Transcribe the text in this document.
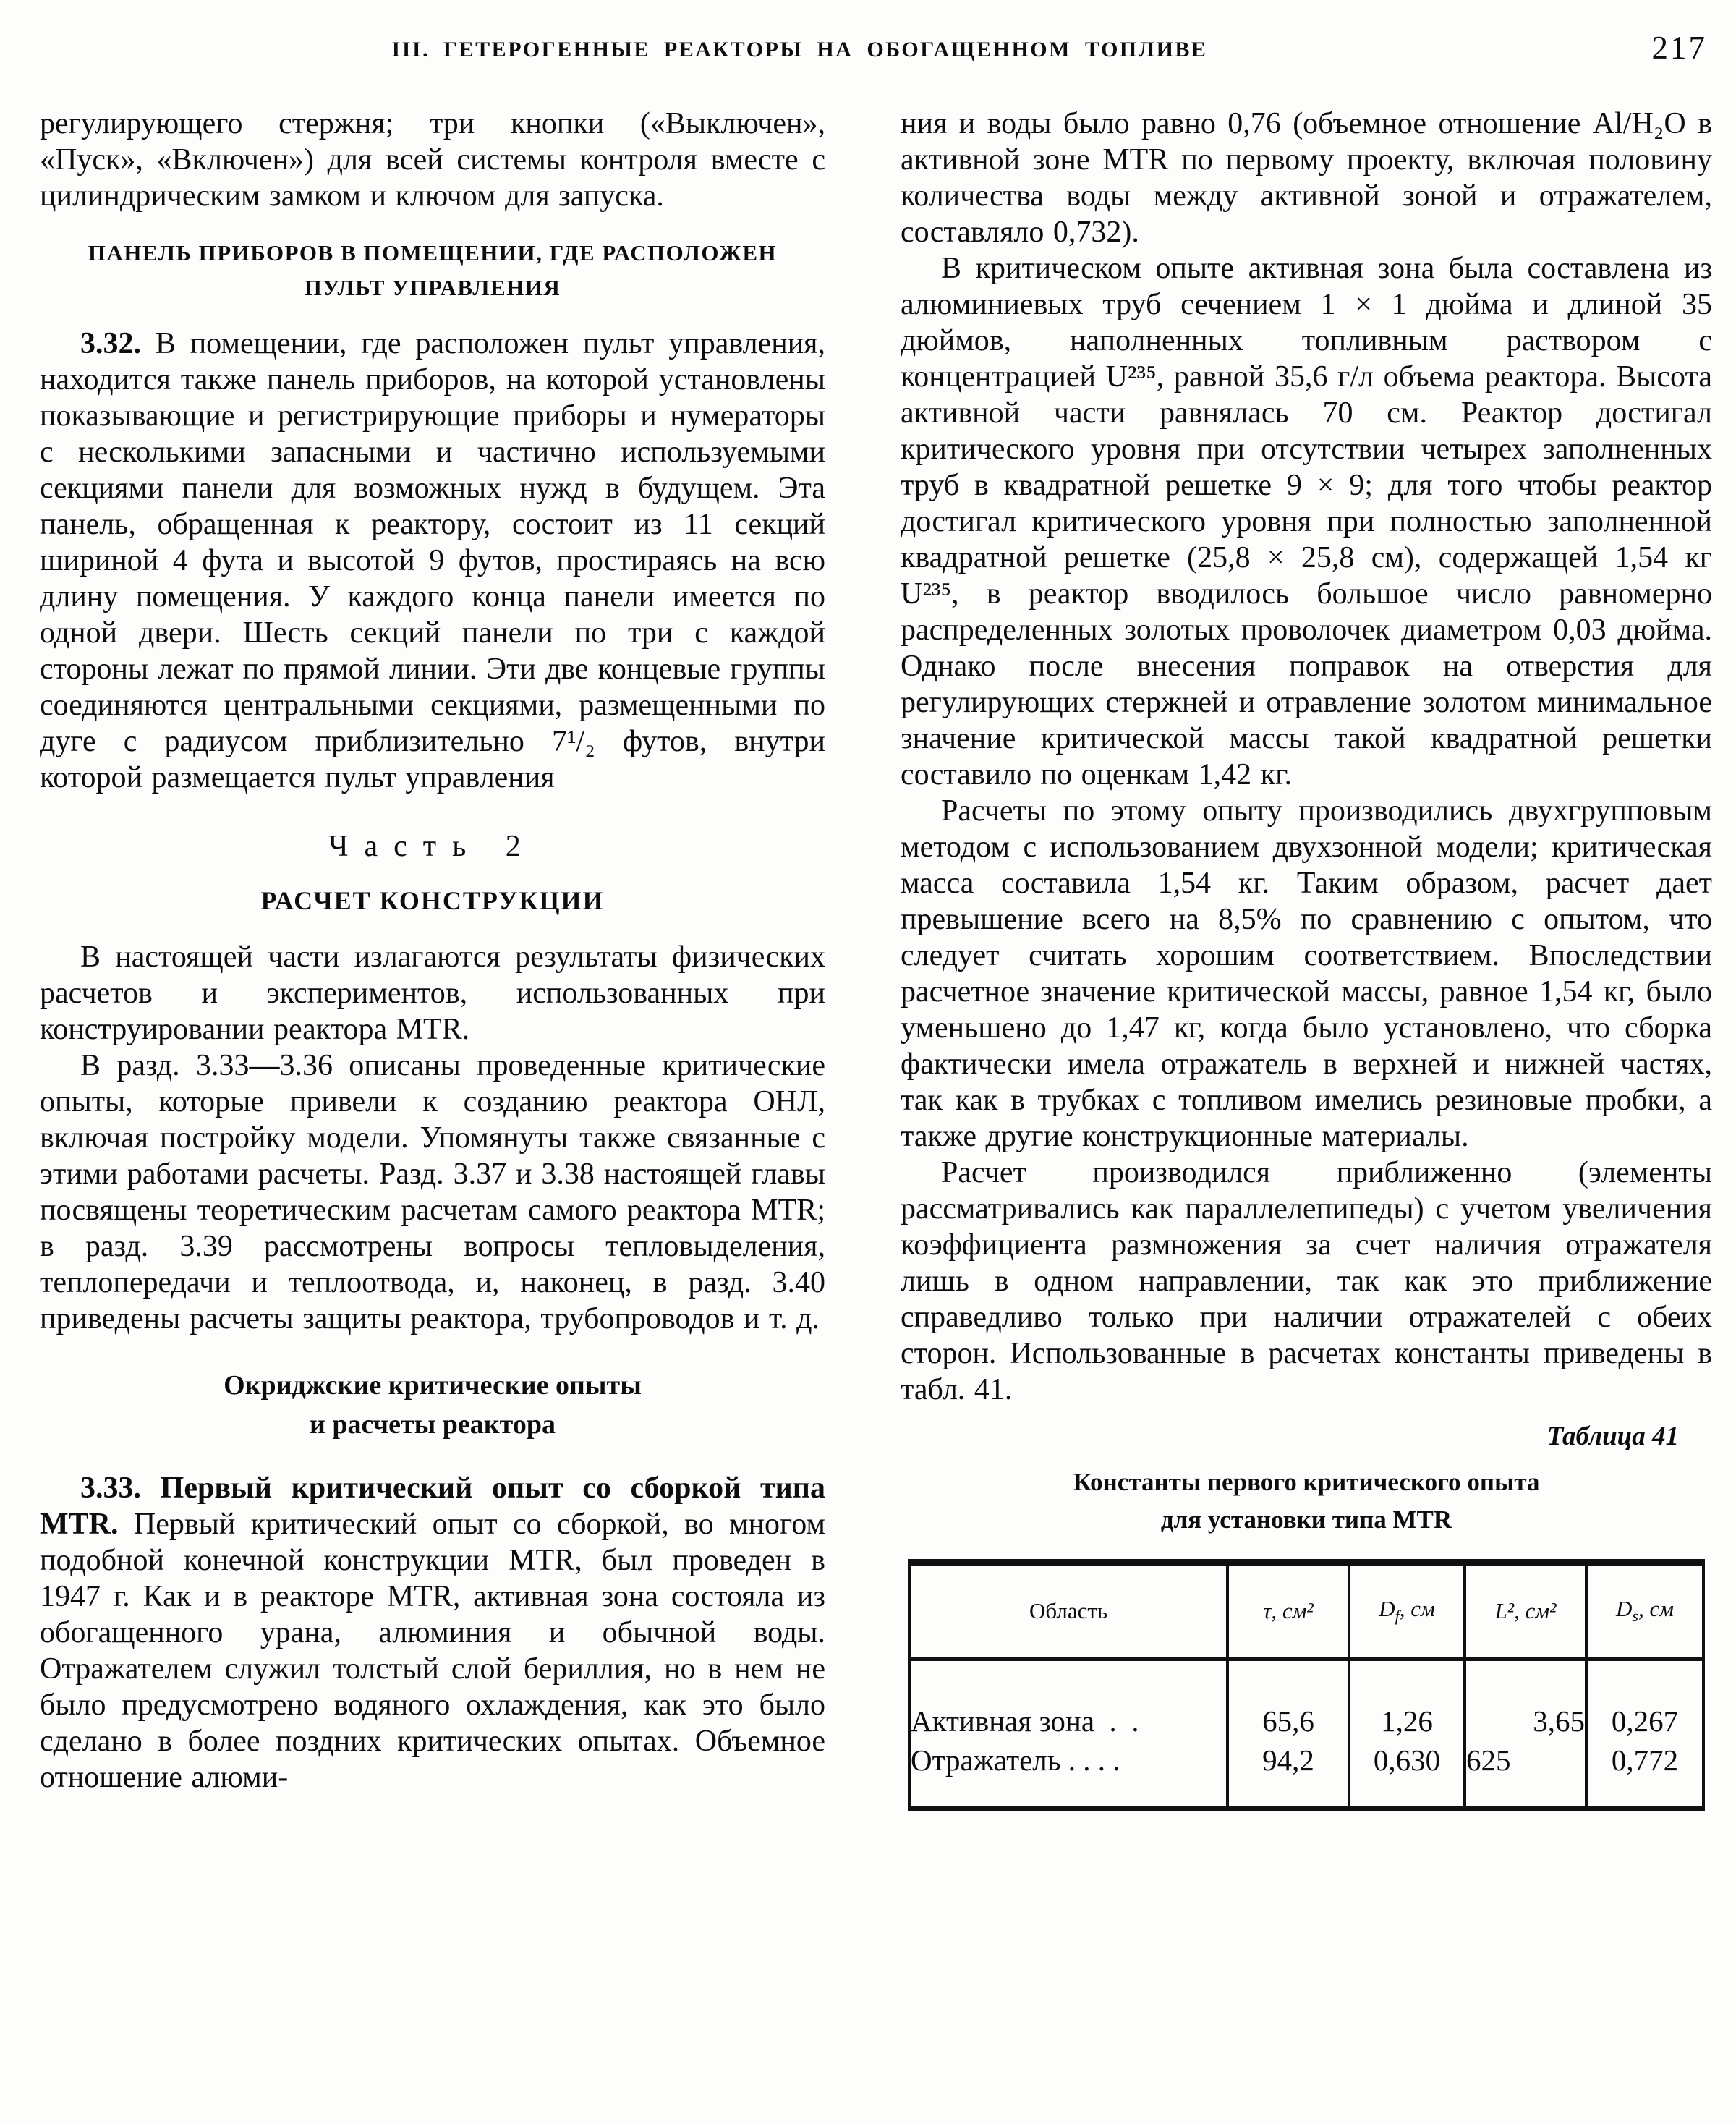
III. ГЕТЕРОГЕННЫЕ РЕАКТОРЫ НА ОБОГАЩЕННОМ ТОПЛИВЕ	217

регулирующего стержня; три кнопки («Выключен», «Пуск», «Включен») для всей системы контроля вместе с цилиндрическим замком и ключом для запуска.

ПАНЕЛЬ ПРИБОРОВ В ПОМЕЩЕНИИ, ГДЕ РАСПОЛОЖЕН
ПУЛЬТ УПРАВЛЕНИЯ

3.32. В помещении, где расположен пульт управления, находится также панель приборов, на которой установлены показывающие и регистрирующие приборы и нумераторы с несколькими запасными и частично используемыми секциями панели для возможных нужд в будущем. Эта панель, обращенная к реактору, состоит из 11 секций шириной 4 фута и высотой 9 футов, простираясь на всю длину помещения. У каждого конца панели имеется по одной двери. Шесть секций панели по три с каждой стороны лежат по прямой линии. Эти две концевые группы соединяются центральными секциями, размещенными по дуге с радиусом приблизительно 7¹/₂ футов, внутри которой размещается пульт управления

Часть 2
РАСЧЕТ КОНСТРУКЦИИ

В настоящей части излагаются результаты физических расчетов и экспериментов, использованных при конструировании реактора MTR.

В разд. 3.33—3.36 описаны проведенные критические опыты, которые привели к созданию реактора ОНЛ, включая постройку модели. Упомянуты также связанные с этими работами расчеты. Разд. 3.37 и 3.38 настоящей главы посвящены теоретическим расчетам самого реактора MTR; в разд. 3.39 рассмотрены вопросы тепловыделения, теплопередачи и теплоотвода, и, наконец, в разд. 3.40 приведены расчеты защиты реактора, трубопроводов и т. д.

Окриджские критические опыты
и расчеты реактора

3.33. Первый критический опыт со сборкой типа MTR. Первый критический опыт со сборкой, во многом подобной конечной конструкции MTR, был проведен в 1947 г. Как и в реакторе MTR, активная зона состояла из обогащенного урана, алюминия и обычной воды. Отражателем служил толстый слой бериллия, но в нем не было предусмотрено водяного охлаждения, как это было сделано в более поздних критических опытах. Объемное отношение алюми-

ния и воды было равно 0,76 (объемное отношение Al/H₂O в активной зоне MTR по первому проекту, включая половину количества воды между активной зоной и отражателем, составляло 0,732).

В критическом опыте активная зона была составлена из алюминиевых труб сечением 1 × 1 дюйма и длиной 35 дюймов, наполненных топливным раствором с концентрацией U²³⁵, равной 35,6 г/л объема реактора. Высота активной части равнялась 70 см. Реактор достигал критического уровня при отсутствии четырех заполненных труб в квадратной решетке 9 × 9; для того чтобы реактор достигал критического уровня при полностью заполненной квадратной решетке (25,8 × 25,8 см), содержащей 1,54 кг U²³⁵, в реактор вводилось большое число равномерно распределенных золотых проволочек диаметром 0,03 дюйма. Однако после внесения поправок на отверстия для регулирующих стержней и отравление золотом минимальное значение критической массы такой квадратной решетки составило по оценкам 1,42 кг.

Расчеты по этому опыту производились двухгрупповым методом с использованием двухзонной модели; критическая масса составила 1,54 кг. Таким образом, расчет дает превышение всего на 8,5% по сравнению с опытом, что следует считать хорошим соответствием. Впоследствии расчетное значение критической массы, равное 1,54 кг, было уменьшено до 1,47 кг, когда было установлено, что сборка фактически имела отражатель в верхней и нижней частях, так как в трубках с топливом имелись резиновые пробки, а также другие конструкционные материалы.

Расчет производился приближенно (элементы рассматривались как параллелепипеды) с учетом увеличения коэффициента размножения за счет наличия отражателя лишь в одном направлении, так как это приближение справедливо только при наличии отражателей с обеих сторон. Использованные в расчетах константы приведены в табл. 41.

Таблица 41
Константы первого критического опыта
для установки типа MTR
Область	τ, см²	$D_f$, см	L², см²	$D_s$, см
Активная зона  .  .	65,6	1,26	3,65	0,267
Отражатель . . . .	94,2	0,630	625	0,772
